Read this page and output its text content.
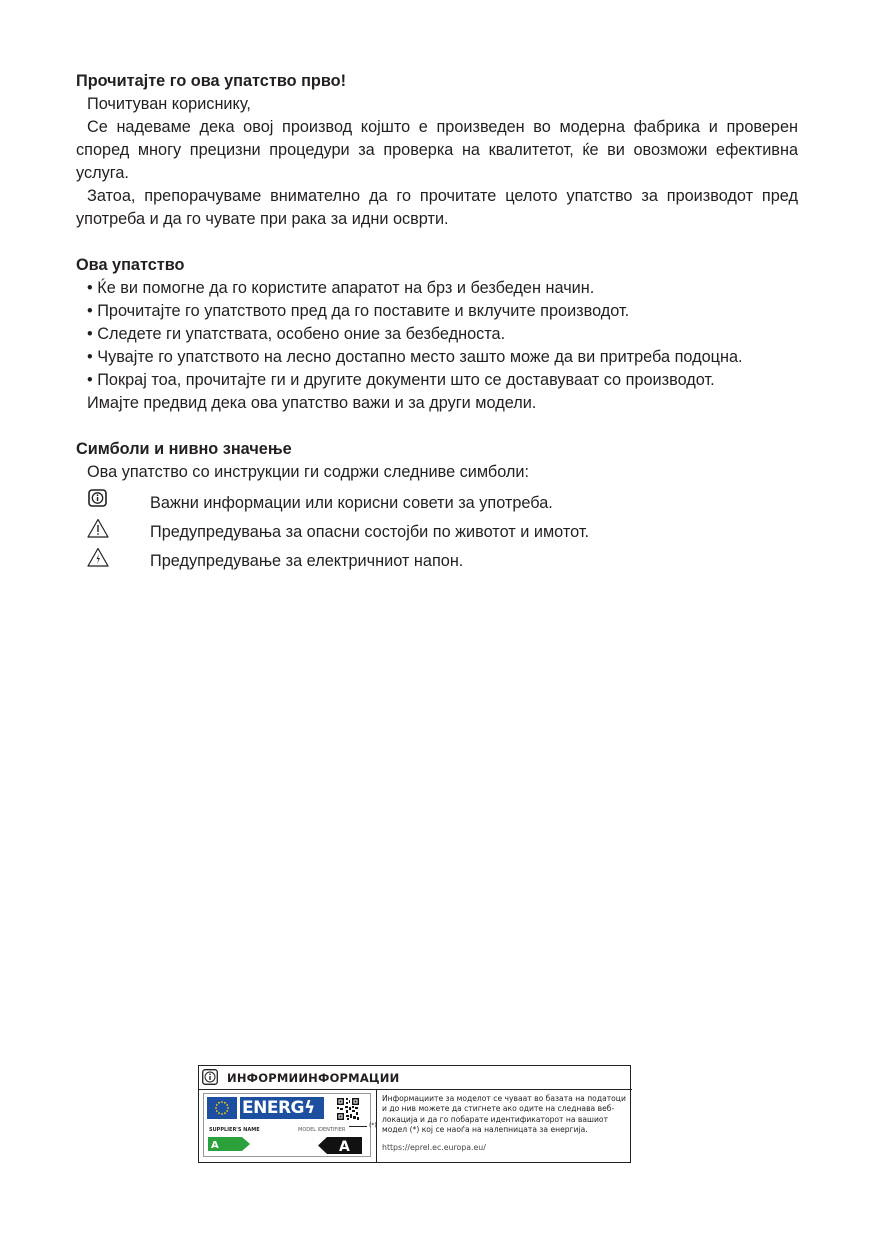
Прочитајте го ова упатство прво!

Почитуван кориснику,

Се надеваме дека овој производ којшто е произведен во модерна фабрика и проверен според многу прецизни процедури за проверка на квалитетот, ќе ви овозможи ефективна услуга.

Затоа, препорачуваме внимателно да го прочитате целото упатство за производот пред употреба и да го чувате при рака за идни осврти.

Ова упатство

• Ќе ви помогне да го користите апаратот на брз и безбеден начин.

• Прочитајте го упатството пред да го поставите и вклучите производот.

• Следете ги упатствата, особено оние за безбедноста.

• Чувајте го упатството на лесно достапно место зашто може да ви притреба подоцна.

• Покрај тоа, прочитајте ги и другите документи што се доставуваат со производот.

Имајте предвид дека ова упатство важи и за други модели.

Симболи и нивно значење

Ова упатство со инструкции ги содржи следниве симболи:

Важни информации или корисни совети за употреба.
Предупредувања за опасни состојби по животот и имотот.
Предупредување за електричниот напон.
ИНФОРМИИНФОРМАЦИИ
ENERGϟ
SUPPLIER'S NAME	MODEL IDENTIFIER
A	A
(*)
Информациите за моделот се чуваат во базата на податоци и до нив можете да стигнете ако одите на следнава веб-локација и да го побарате идентификаторот на вашиот модел (*) кој се наоѓа на налепницата за енергија.
https://eprel.ec.europa.eu/
